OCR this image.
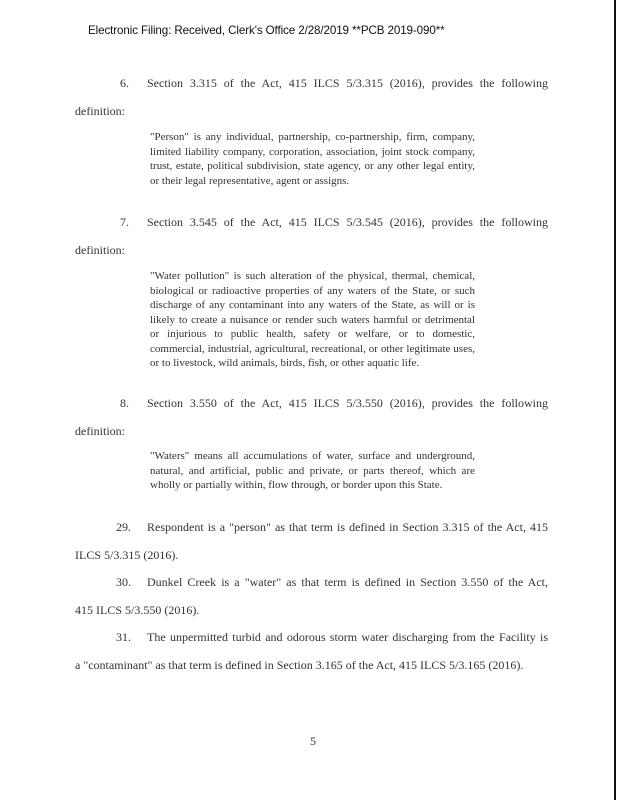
Electronic Filing: Received, Clerk's Office 2/28/2019 **PCB 2019-090**
6. Section 3.315 of the Act, 415 ILCS 5/3.315 (2016), provides the following
definition:
"Person" is any individual, partnership, co-partnership, firm, company, limited liability company, corporation, association, joint stock company, trust, estate, political subdivision, state agency, or any other legal entity, or their legal representative, agent or assigns.
7. Section 3.545 of the Act, 415 ILCS 5/3.545 (2016), provides the following
definition:
"Water pollution" is such alteration of the physical, thermal, chemical, biological or radioactive properties of any waters of the State, or such discharge of any contaminant into any waters of the State, as will or is likely to create a nuisance or render such waters harmful or detrimental or injurious to public health, safety or welfare, or to domestic, commercial, industrial, agricultural, recreational, or other legitimate uses, or to livestock, wild animals, birds, fish, or other aquatic life.
8. Section 3.550 of the Act, 415 ILCS 5/3.550 (2016), provides the following
definition:
"Waters" means all accumulations of water, surface and underground, natural, and artificial, public and private, or parts thereof, which are wholly or partially within, flow through, or border upon this State.
29. Respondent is a "person" as that term is defined in Section 3.315 of the Act, 415
ILCS 5/3.315 (2016).
30. Dunkel Creek is a "water" as that term is defined in Section 3.550 of the Act,
415 ILCS 5/3.550 (2016).
31. The unpermitted turbid and odorous storm water discharging from the Facility is
a "contaminant" as that term is defined in Section 3.165 of the Act, 415 ILCS 5/3.165 (2016).
5
